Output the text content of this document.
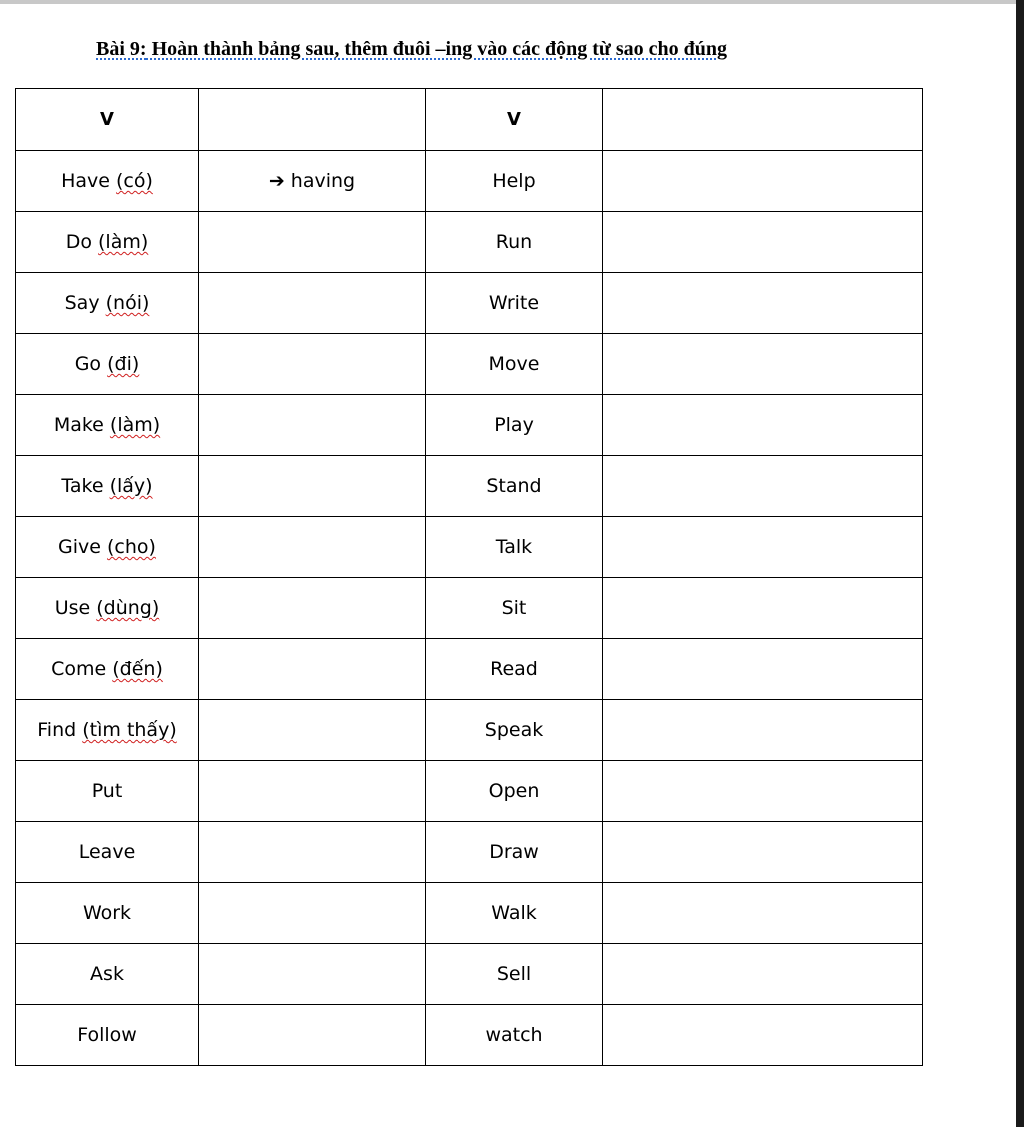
Bài 9: Hoàn thành bảng sau, thêm đuôi –ing vào các động từ sao cho đúng
V		V	
Have (có)	➔ having	Help	
Do (làm)		Run	
Say (nói)		Write	
Go (đi)		Move	
Make (làm)		Play	
Take (lấy)		Stand	
Give (cho)		Talk	
Use (dùng)		Sit	
Come (đến)		Read	
Find (tìm thấy)		Speak	
Put		Open	
Leave		Draw	
Work		Walk	
Ask		Sell	
Follow		watch	
